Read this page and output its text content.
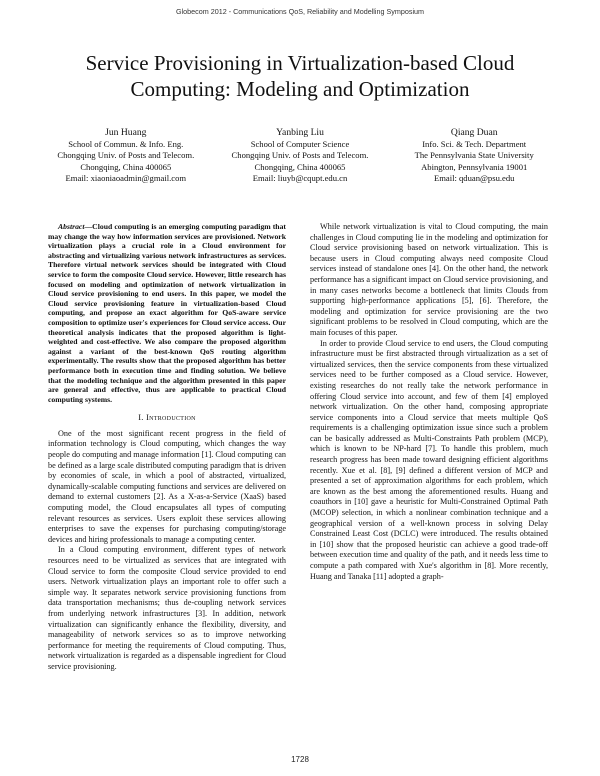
Globecom 2012 - Communications QoS, Reliability and Modelling Symposium
Service Provisioning in Virtualization-based Cloud Computing: Modeling and Optimization
Jun Huang
School of Commun. & Info. Eng.
Chongqing Univ. of Posts and Telecom.
Chongqing, China 400065
Email: xiaoniaoadmin@gmail.com
Yanbing Liu
School of Computer Science
Chongqing Univ. of Posts and Telecom.
Chongqing, China 400065
Email: liuyb@cqupt.edu.cn
Qiang Duan
Info. Sci. & Tech. Department
The Pennsylvania State University
Abington, Pennsylvania 19001
Email: qduan@psu.edu

Abstract—Cloud computing is an emerging computing paradigm that may change the way how information services are provisioned. Network virtualization plays a crucial role in a Cloud environment for abstracting and virtualizing various network infrastructures as services. Therefore virtual network services should be integrated with Cloud service to form the composite Cloud service. However, little research has focused on modeling and optimization of network virtualization in Cloud service provisioning to end users. In this paper, we model the Cloud service provisioning feature in virtualization-based Cloud computing, and propose an exact algorithm for QoS-aware service composition to optimize user's experiences for Cloud service access. Our theoretical analysis indicates that the proposed algorithm is light-weighted and cost-effective. We also compare the proposed algorithm against a variant of the best-known QoS routing algorithm experimentally. The results show that the proposed algorithm has better performance both in execution time and finding solution. We believe that the modeling technique and the algorithm presented in this paper are general and effective, thus are applicable to practical Cloud computing systems.

I. Introduction

One of the most significant recent progress in the field of information technology is Cloud computing, which changes the way people do computing and manage information [1]. Cloud computing can be defined as a large scale distributed computing paradigm that is driven by economies of scale, in which a pool of abstracted, virtualized, dynamically-scalable computing functions and services are delivered on demand to external customers [2]. As a X-as-a-Service (XaaS) based computing model, the Cloud encapsulates all types of computing relevant resources as services. Users exploit these services allowing enterprises to save the expenses for purchasing computing/storage devices and hiring professionals to manage a computing center.

In a Cloud computing environment, different types of network resources need to be virtualized as services that are integrated with Cloud service to form the composite Cloud service provided to end users. Network virtualization plays an important role to offer such a simple way. It separates network service provisioning functions from data transportation mechanisms; thus de-coupling network services from underlying network infrastructures [3]. In addition, network virtualization can significantly enhance the flexibility, diversity, and manageability of network services so as to improve networking performance for meeting the requirements of Cloud computing. Thus, network virtualization is regarded as a dispensable ingredient for Cloud service provisioning.

While network virtualization is vital to Cloud computing, the main challenges in Cloud computing lie in the modeling and optimization for Cloud service provisioning based on network virtualization. This is because users in Cloud computing always need composite Cloud services instead of standalone ones [4]. On the other hand, the network performance has a significant impact on Cloud service provisioning, and in many cases networks become a bottleneck that limits Clouds from supporting high-performance applications [5], [6]. Therefore, the modeling and optimization for service provisioning are the two significant problems to be resolved in Cloud computing, which are the main focuses of this paper.

In order to provide Cloud service to end users, the Cloud computing infrastructure must be first abstracted through virtualization as a set of virtualized services, then the service components from these virtualized services need to be further composed as a Cloud service. However, existing researches do not really take the network performance in offering Cloud service into account, and few of them [4] employed network virtualization. On the other hand, composing appropriate service components into a Cloud service that meets multiple QoS requirements is a challenging optimization issue since such a problem can be basically addressed as Multi-Constraints Path problem (MCP), which is known to be NP-hard [7]. To handle this problem, much research progress has been made toward designing efficient algorithms recently. Xue et al. [8], [9] defined a different version of MCP and presented a set of approximation algorithms for each problem, which are known as the best among the aforementioned results. Huang and coauthors in [10] gave a heuristic for Multi-Constrained Optimal Path (MCOP) selection, in which a nonlinear combination technique and a geographical version of a well-known process in solving Delay Constrained Least Cost (DCLC) were introduced. The results obtained in [10] show that the proposed heuristic can achieve a good trade-off between execution time and quality of the path, and it needs less time to compute a path compared with Xue's algorithm in [8]. More recently, Huang and Tanaka [11] adopted a graph-

1728
